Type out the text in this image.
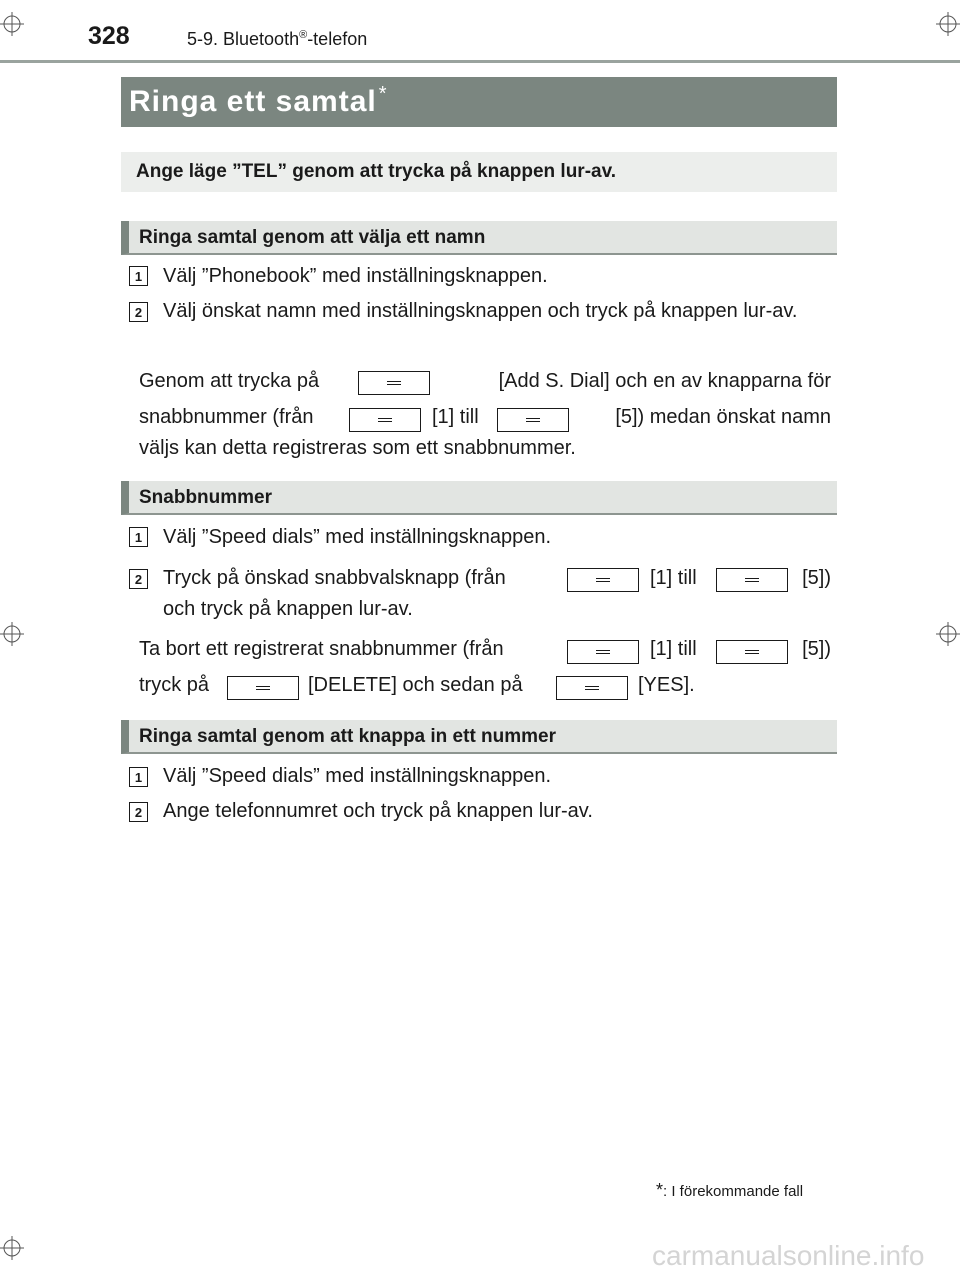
328	5-9. Bluetooth®-telefon
Ringa ett samtal *
Ange läge ”TEL” genom att trycka på knappen lur-av.
Ringa samtal genom att välja ett namn
1 Välj ”Phonebook” med inställningsknappen.
2 Välj önskat namn med inställningsknappen och tryck på knappen lur-av.
Genom att trycka på	[Add S. Dial] och en av knapparna för
snabbnummer (från	[1] till	[5]) medan önskat namn
väljs kan detta registreras som ett snabbnummer.
Snabbnummer
1 Välj ”Speed dials” med inställningsknappen.
2 Tryck på önskad snabbvalsknapp (från	[1] till	[5])
och tryck på knappen lur-av.
Ta bort ett registrerat snabbnummer (från	[1] till	[5])
tryck på	[DELETE] och sedan på	[YES].
Ringa samtal genom att knappa in ett nummer
1 Välj ”Speed dials” med inställningsknappen.
2 Ange telefonnumret och tryck på knappen lur-av.
*: I förekommande fall
carmanualsonline.info
